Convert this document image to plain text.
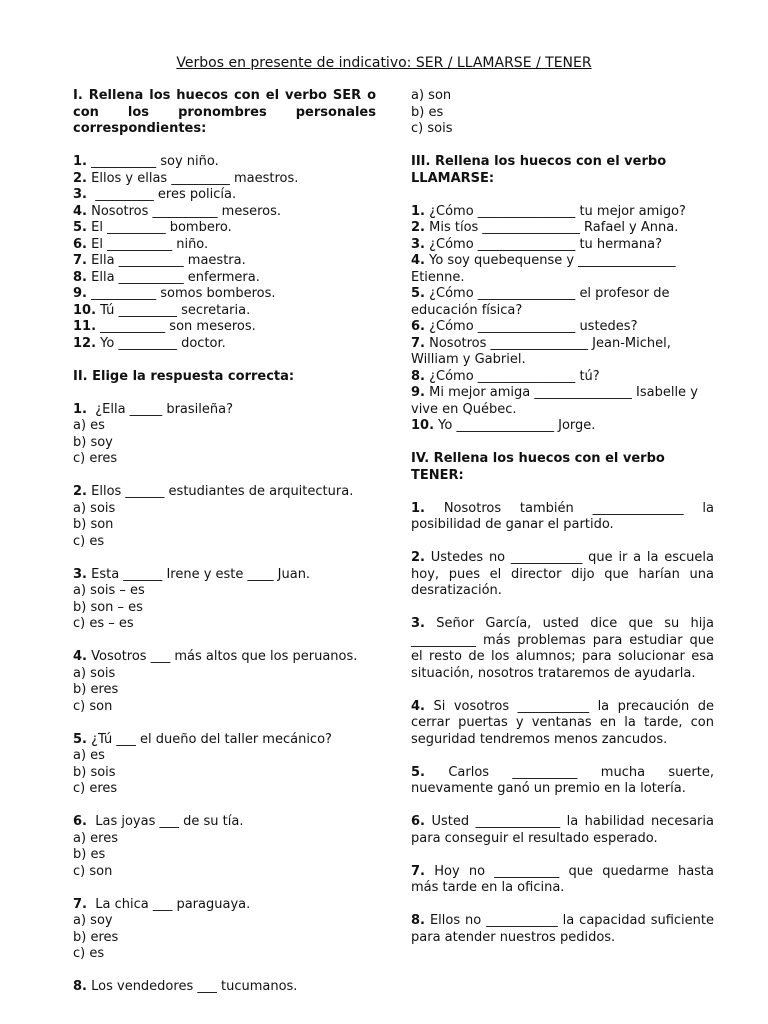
Verbos en presente de indicativo: SER / LLAMARSE / TENER

I. Rellena los huecos con el verbo SER o con los pronombres personales correspondientes:

1. __________ soy niño.

2. Ellos y ellas _________ maestros.

3. _________ eres policía.

4. Nosotros __________ meseros.

5. El _________ bombero.

6. El __________ niño.

7. Ella __________ maestra.

8. Ella __________ enfermera.

9. __________ somos bomberos.

10. Tú _________ secretaria.

11. __________ son meseros.

12. Yo _________ doctor.

II. Elige la respuesta correcta:

1. ¿Ella _____ brasileña?

a) es

b) soy

c) eres

2. Ellos ______ estudiantes de arquitectura.

a) sois

b) son

c) es

3. Esta ______ Irene y este ____ Juan.

a) sois – es

b) son – es

c) es – es

4. Vosotros ___ más altos que los peruanos.

a) sois

b) eres

c) son

5. ¿Tú ___ el dueño del taller mecánico?

a) es

b) sois

c) eres

6. Las joyas ___ de su tía.

a) eres

b) es

c) son

7. La chica ___ paraguaya.

a) soy

b) eres

c) es

8. Los vendedores ___ tucumanos.

a) son

b) es

c) sois

III. Rellena los huecos con el verbo LLAMARSE:

1. ¿Cómo _______________ tu mejor amigo?

2. Mis tíos _______________ Rafael y Anna.

3. ¿Cómo _______________ tu hermana?

4. Yo soy quebequense y _______________ Etienne.

5. ¿Cómo _______________ el profesor de educación física?

6. ¿Cómo _______________ ustedes?

7. Nosotros _______________ Jean-Michel, William y Gabriel.

8. ¿Cómo _______________ tú?

9. Mi mejor amiga _______________ Isabelle y vive en Québec.

10. Yo _______________ Jorge.

IV. Rellena los huecos con el verbo TENER:

1. Nosotros también ______________ la posibilidad de ganar el partido.

2. Ustedes no ___________ que ir a la escuela hoy, pues el director dijo que harían una desratización.

3. Señor García, usted dice que su hija __________ más problemas para estudiar que el resto de los alumnos; para solucionar esa situación, nosotros trataremos de ayudarla.

4. Si vosotros ___________ la precaución de cerrar puertas y ventanas en la tarde, con seguridad tendremos menos zancudos.

5. Carlos __________ mucha suerte, nuevamente ganó un premio en la lotería.

6. Usted _____________ la habilidad necesaria para conseguir el resultado esperado.

7. Hoy no __________ que quedarme hasta más tarde en la oficina.

8. Ellos no ___________ la capacidad suficiente para atender nuestros pedidos.
